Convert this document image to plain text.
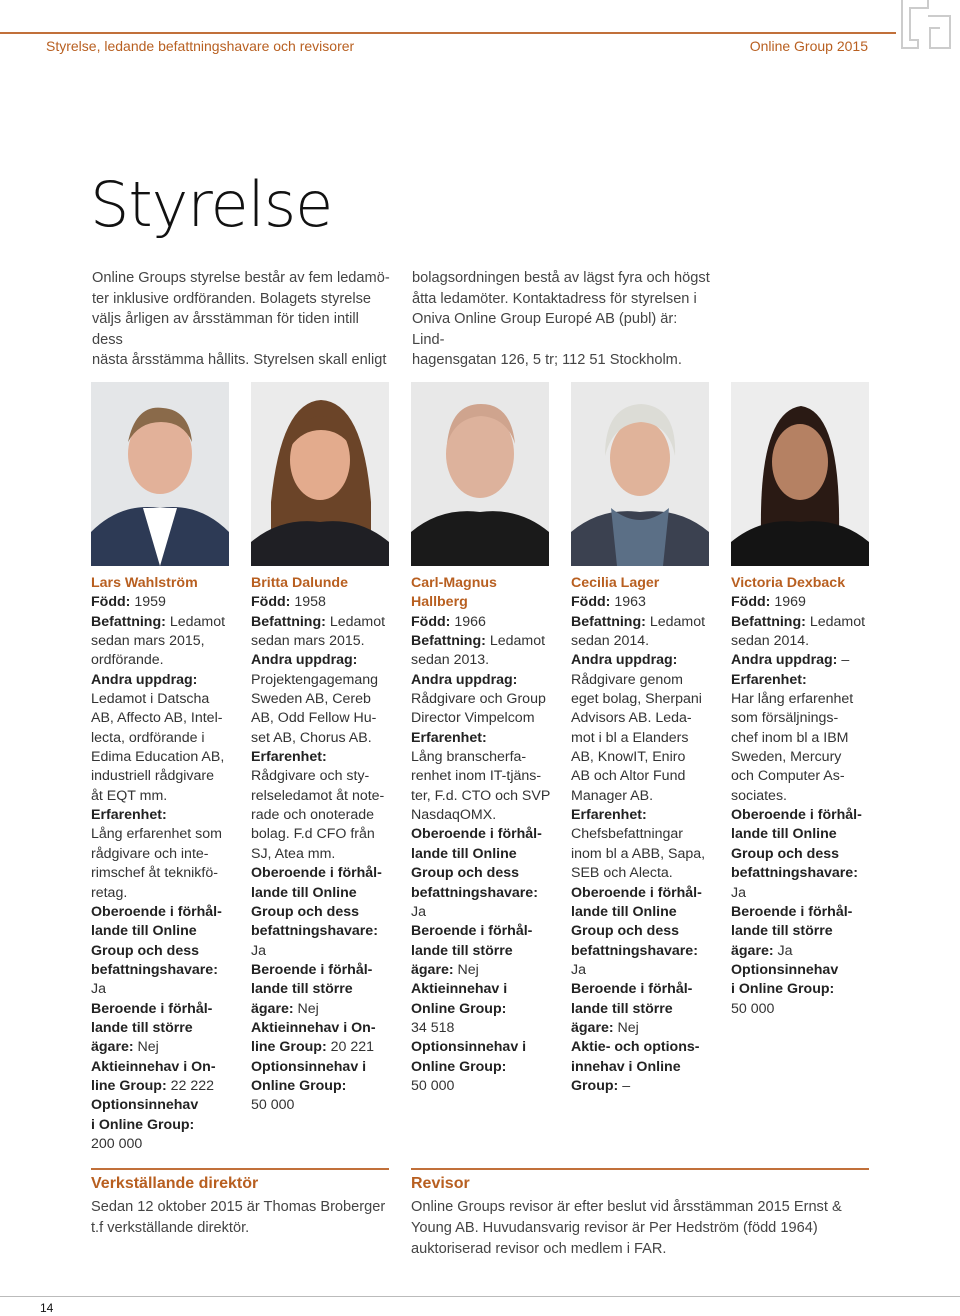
Styrelse, ledande befattningshavare och revisorer	Online Group 2015
Styrelse
Online Groups styrelse består av fem ledamö-
ter inklusive ordföranden. Bolagets styrelse
väljs årligen av årsstämman för tiden intill dess
nästa årsstämma hållits. Styrelsen skall enligt
bolagsordningen bestå av lägst fyra och högst
åtta ledamöter. Kontaktadress för styrelsen i
Oniva Online Group Europé AB (publ) är: Lind-
hagensgatan 126, 5 tr; 112 51 Stockholm.

Lars Wahlström

Född: 1959

Befattning: Ledamot

sedan mars 2015,

ordförande.

Andra uppdrag:

Ledamot i Datscha

AB, Affecto AB, Intel-

lecta, ordförande i

Edima Education AB,

industriell rådgivare

åt EQT mm.

Erfarenhet:

Lång erfarenhet som

rådgivare och inte-

rimschef åt teknikfö-

retag.

Oberoende i förhål-

lande till Online

Group och dess

befattningshavare:

Ja

Beroende i förhål-

lande till större

ägare: Nej

Aktieinnehav i On-

line Group: 22 222

Optionsinnehav

i Online Group:

200 000

Britta Dalunde

Född: 1958

Befattning: Ledamot

sedan mars 2015.

Andra uppdrag:

Projektengagemang

Sweden AB, Cereb

AB, Odd Fellow Hu-

set AB, Chorus AB.

Erfarenhet:

Rådgivare och sty-

relseledamot åt note-

rade och onoterade

bolag. F.d CFO från

SJ, Atea mm.

Oberoende i förhål-

lande till Online

Group och dess

befattningshavare:

Ja

Beroende i förhål-

lande till större

ägare: Nej

Aktieinnehav i On-

line Group: 20 221

Optionsinnehav i

Online Group:

50 000

Carl-Magnus

Hallberg

Född: 1966

Befattning: Ledamot

sedan 2013.

Andra uppdrag:

Rådgivare och Group

Director Vimpelcom

Erfarenhet:

Lång branscherfa-

renhet inom IT-tjäns-

ter, F.d. CTO och SVP

NasdaqOMX.

Oberoende i förhål-

lande till Online

Group och dess

befattningshavare:

Ja

Beroende i förhål-

lande till större

ägare: Nej

Aktieinnehav i

Online Group:

34 518

Optionsinnehav i

Online Group:

50 000

Cecilia Lager

Född: 1963

Befattning: Ledamot

sedan 2014.

Andra uppdrag:

Rådgivare genom

eget bolag, Sherpani

Advisors AB. Leda-

mot i bl a Elanders

AB, KnowIT, Eniro

AB och Altor Fund

Manager AB.

Erfarenhet:

Chefsbefattningar

inom bl a ABB, Sapa,

SEB och Alecta.

Oberoende i förhål-

lande till Online

Group och dess

befattningshavare:

Ja

Beroende i förhål-

lande till större

ägare: Nej

Aktie- och options-

innehav i Online

Group: –

Victoria Dexback

Född: 1969

Befattning: Ledamot

sedan 2014.

Andra uppdrag: –

Erfarenhet:

Har lång erfarenhet

som försäljnings-

chef inom bl a IBM

Sweden, Mercury

och Computer As-

sociates.

Oberoende i förhål-

lande till Online

Group och dess

befattningshavare:

Ja

Beroende i förhål-

lande till större

ägare: Ja

Optionsinnehav

i Online Group:

50 000

Verkställande direktör
Sedan 12 oktober 2015 är Thomas Broberger
t.f verkställande direktör.
Revisor
Online Groups revisor är efter beslut vid årsstämman 2015 Ernst &
Young AB. Huvudansvarig revisor är Per Hedström (född 1964)
auktoriserad revisor och medlem i FAR.
14
